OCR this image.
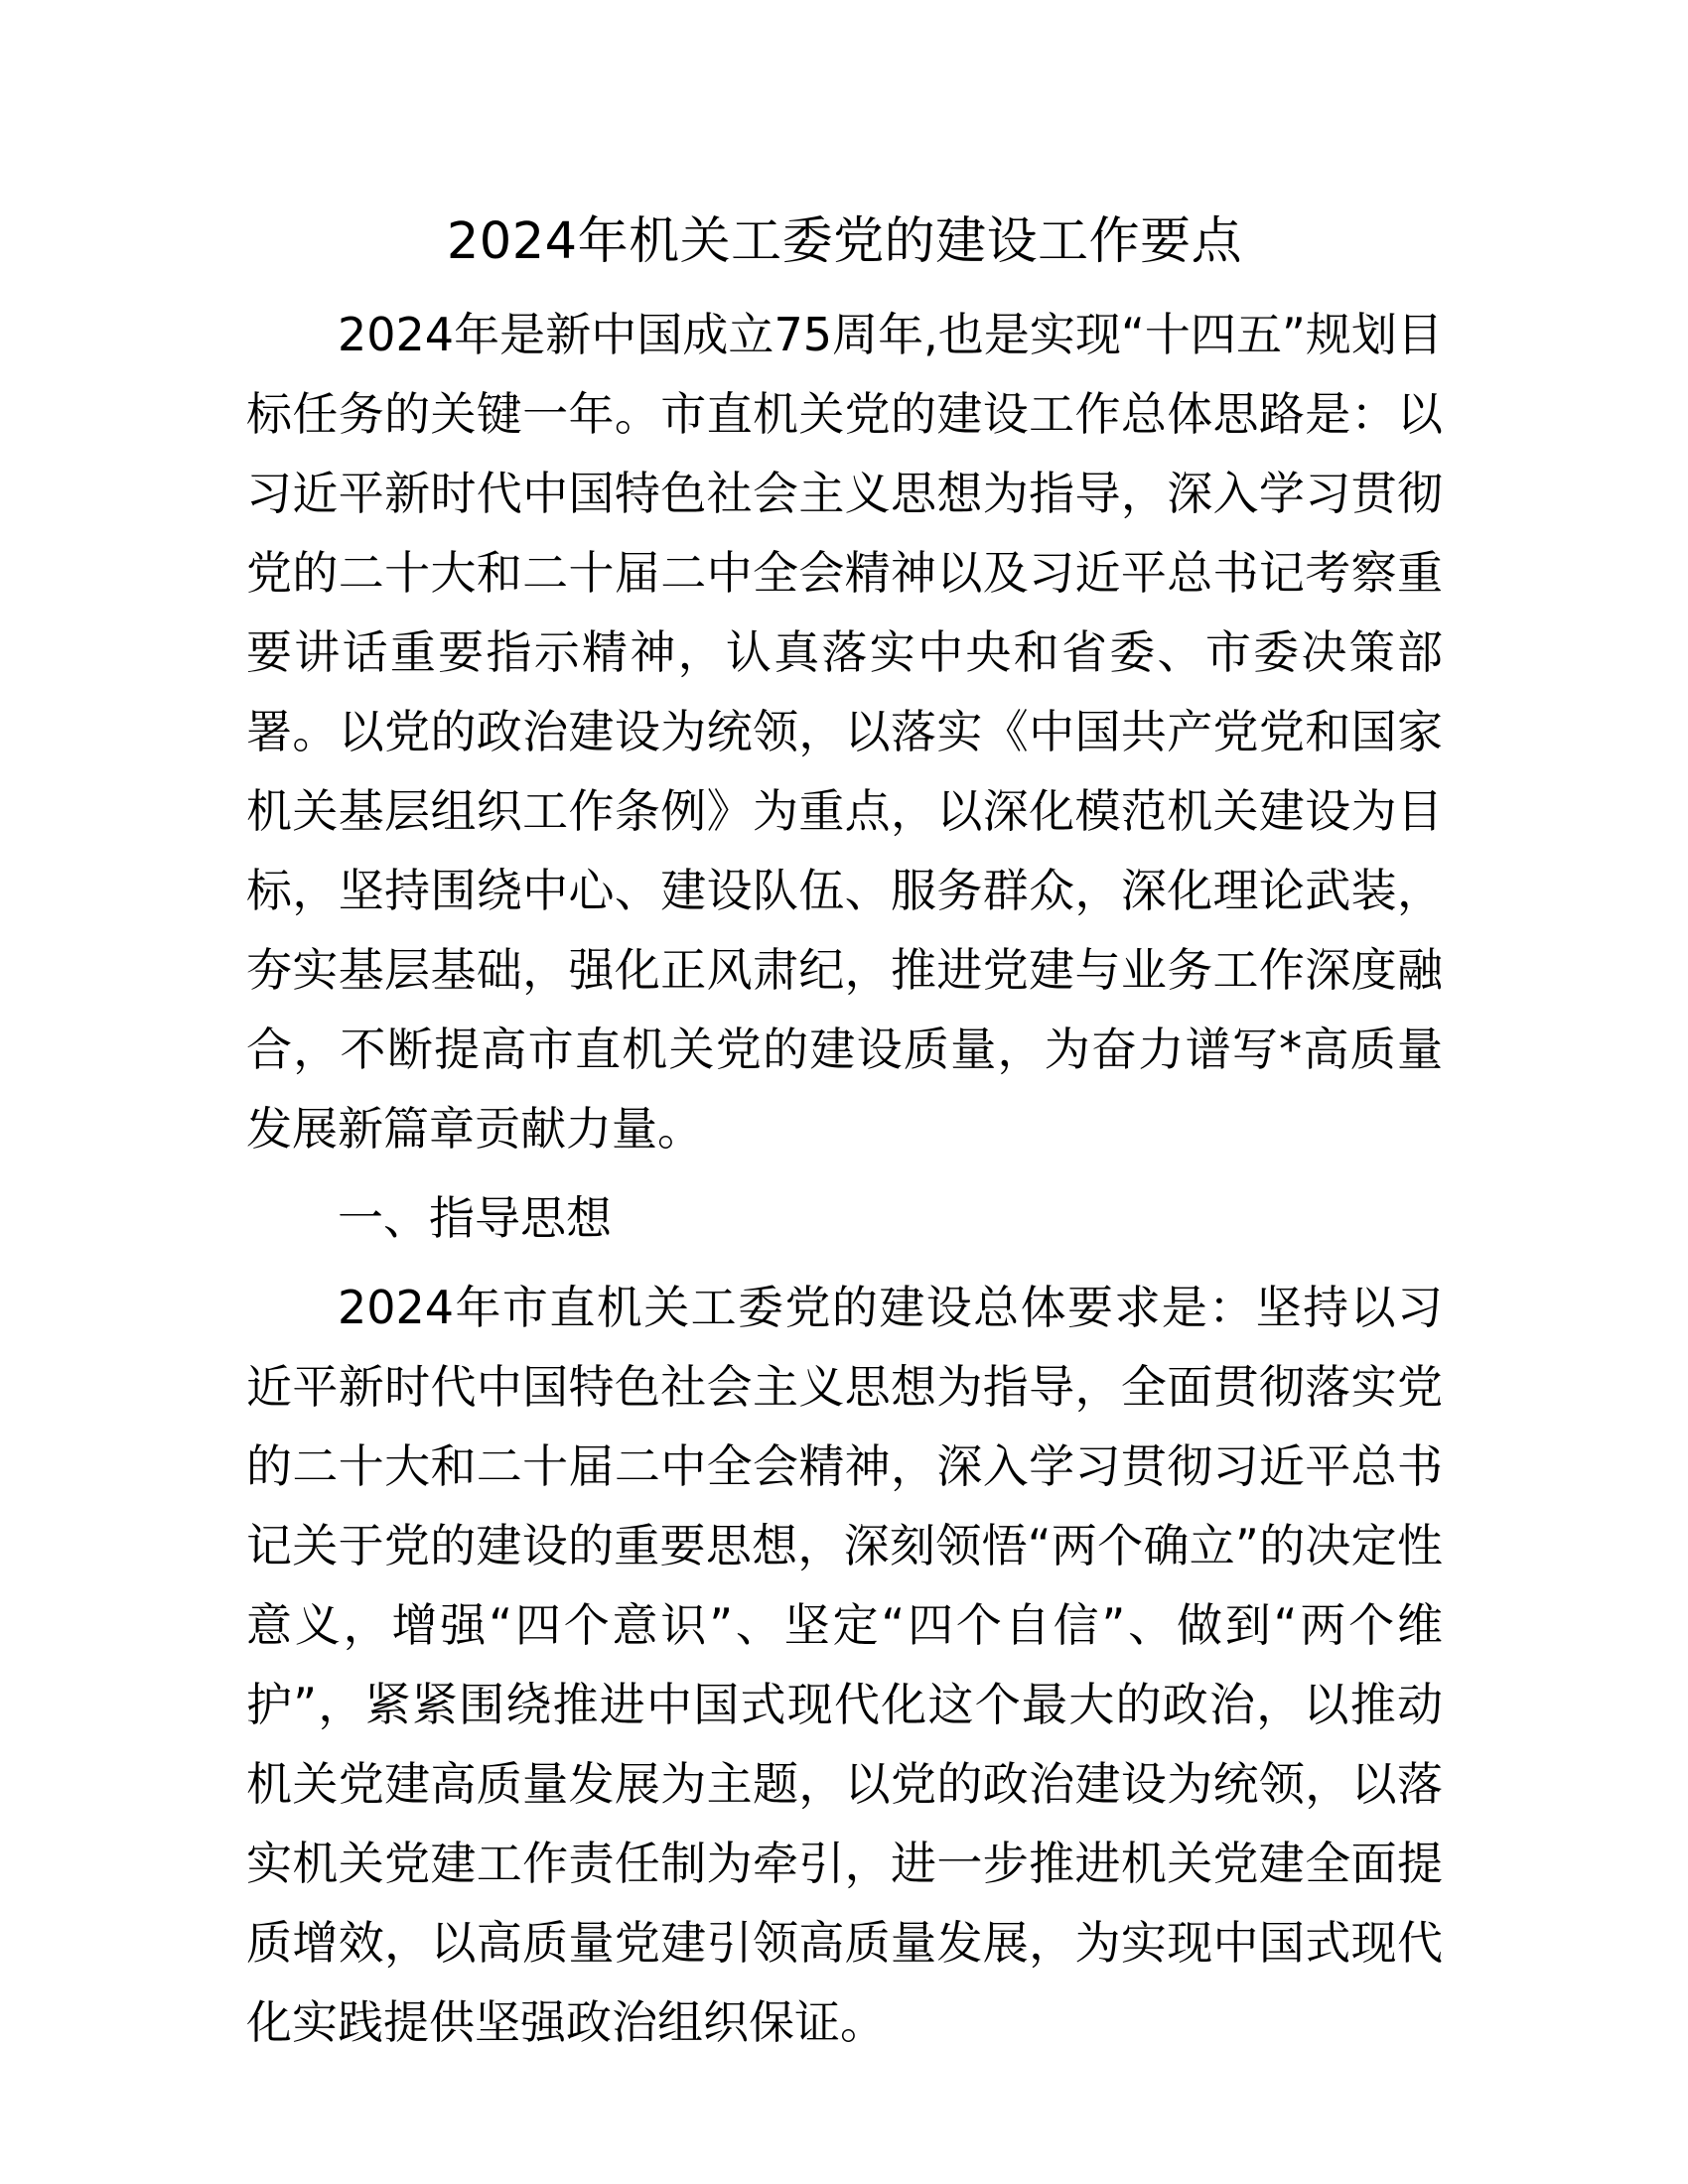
2024年机关工委党的建设工作要点

2024年是新中国成立75周年,也是实现“十四五”规划目标任务的关键一年。市直机关党的建设工作总体思路是：以习近平新时代中国特色社会主义思想为指导，深入学习贯彻党的二十大和二十届二中全会精神以及习近平总书记考察重要讲话重要指示精神，认真落实中央和省委、市委决策部署。以党的政治建设为统领，以落实《中国共产党党和国家机关基层组织工作条例》为重点，以深化模范机关建设为目标，坚持围绕中心、建设队伍、服务群众，深化理论武装，夯实基层基础，强化正风肃纪，推进党建与业务工作深度融合，不断提高市直机关党的建设质量，为奋力谱写*高质量发展新篇章贡献力量。

一、指导思想

2024年市直机关工委党的建设总体要求是：坚持以习近平新时代中国特色社会主义思想为指导，全面贯彻落实党的二十大和二十届二中全会精神，深入学习贯彻习近平总书记关于党的建设的重要思想，深刻领悟“两个确立”的决定性意义，增强“四个意识”、坚定“四个自信”、做到“两个维护”，紧紧围绕推进中国式现代化这个最大的政治，以推动机关党建高质量发展为主题，以党的政治建设为统领，以落实机关党建工作责任制为牵引，进一步推进机关党建全面提质增效，以高质量党建引领高质量发展，为实现中国式现代化实践提供坚强政治组织保证。
